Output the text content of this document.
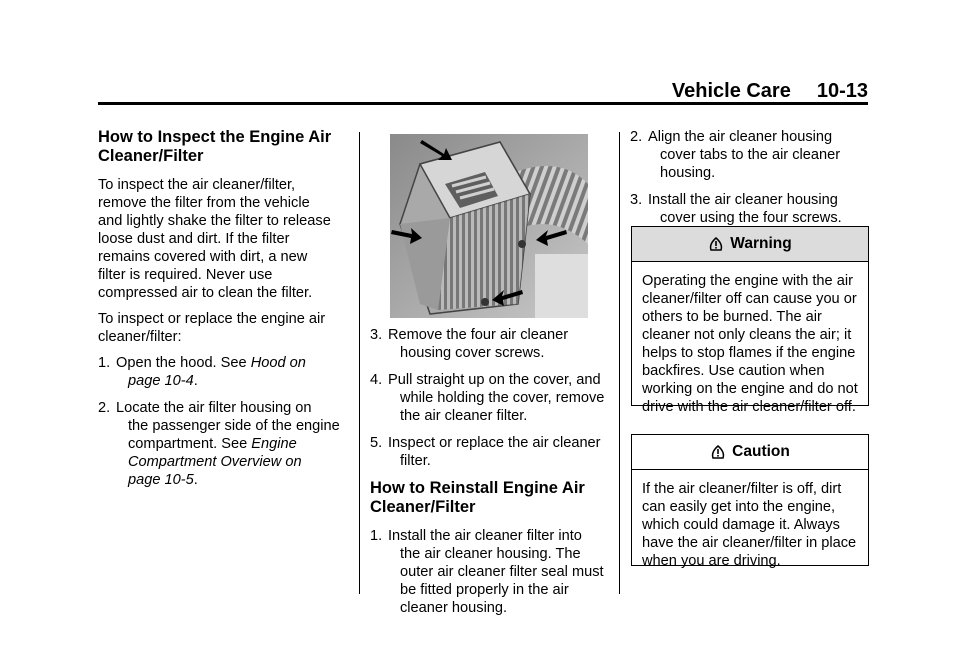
Vehicle Care 10-13
How to Inspect the Engine Air
Cleaner/Filter

To inspect the air cleaner/filter,
remove the filter from the vehicle
and lightly shake the filter to release
loose dust and dirt. If the filter
remains covered with dirt, a new
filter is required. Never use
compressed air to clean the filter.

To inspect or replace the engine air
cleaner/filter:

1. Open the hood. See Hood on
page 10-4.
2. Locate the air filter housing on
the passenger side of the engine
compartment. See Engine
Compartment Overview on
page 10-5.
3. Remove the four air cleaner
housing cover screws.
4. Pull straight up on the cover, and
while holding the cover, remove
the air cleaner filter.
5. Inspect or replace the air cleaner
filter.
How to Reinstall Engine Air
Cleaner/Filter
1. Install the air cleaner filter into
the air cleaner housing. The
outer air cleaner filter seal must
be fitted properly in the air
cleaner housing.
2. Align the air cleaner housing
cover tabs to the air cleaner
housing.
3. Install the air cleaner housing
cover using the four screws.
Warning
Operating the engine with the air
cleaner/filter off can cause you or
others to be burned. The air
cleaner not only cleans the air; it
helps to stop flames if the engine
backfires. Use caution when
working on the engine and do not
drive with the air cleaner/filter off.
Caution
If the air cleaner/filter is off, dirt
can easily get into the engine,
which could damage it. Always
have the air cleaner/filter in place
when you are driving.
